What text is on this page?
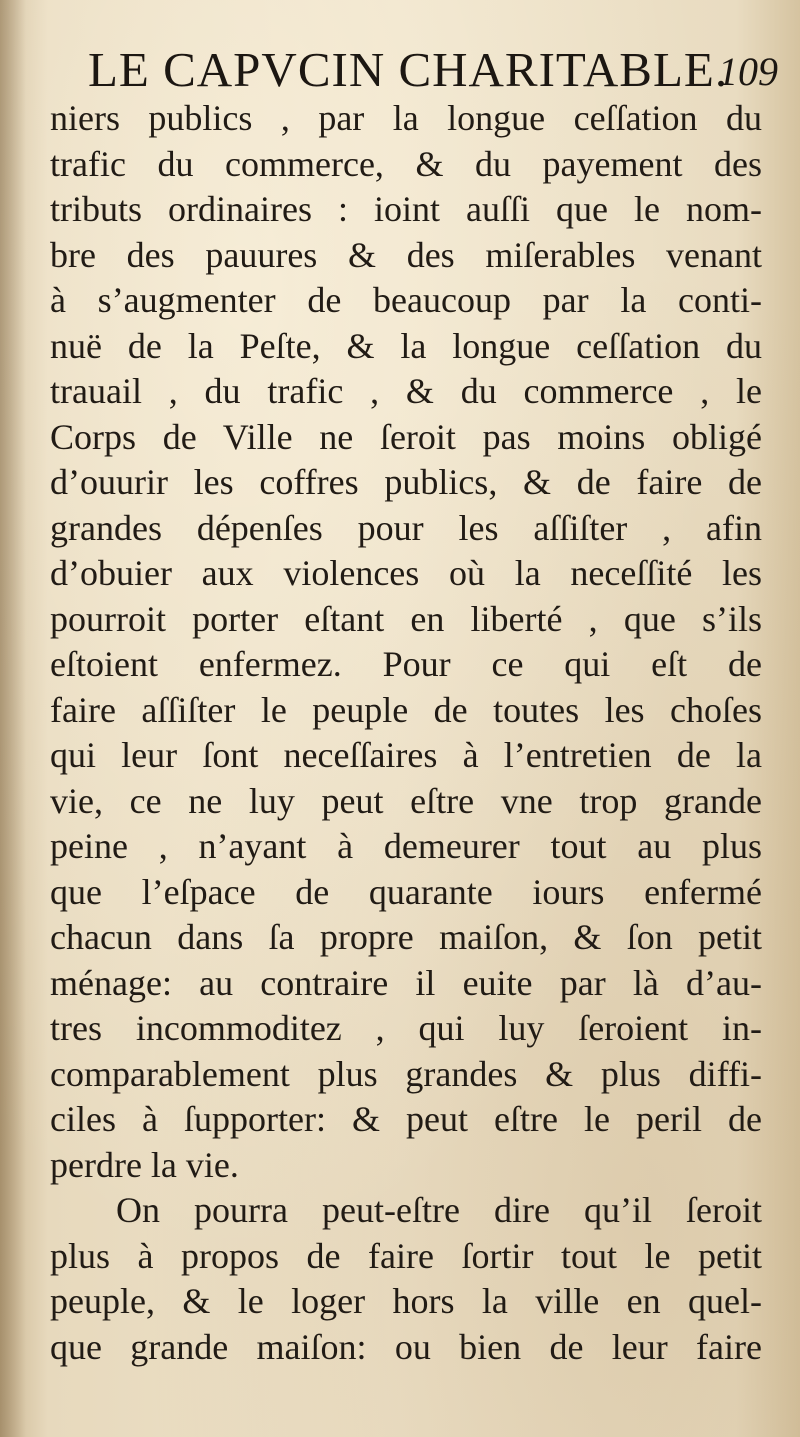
LE CAPVCIN CHARITABLE.
109
niers publics , par la longue ceſſation du
trafic du commerce, & du payement des
tributs ordinaires : ioint auſſi que le nom-
bre des pauures & des miſerables venant
à s’augmenter de beaucoup par la conti-
nuë de la Peſte, & la longue ceſſation du
trauail , du trafic , & du commerce , le
Corps de Ville ne ſeroit pas moins obligé
d’ouurir les coffres publics, & de faire de
grandes dépenſes pour les aſſiſter , afin
d’obuier aux violences où la neceſſité les
pourroit porter eſtant en liberté , que s’ils
eſtoient enfermez. Pour ce qui eſt de
faire aſſiſter le peuple de toutes les choſes
qui leur ſont neceſſaires à l’entretien de la
vie, ce ne luy peut eſtre vne trop grande
peine , n’ayant à demeurer tout au plus
que l’eſpace de quarante iours enfermé
chacun dans ſa propre maiſon, & ſon petit
ménage: au contraire il euite par là d’au-
tres incommoditez , qui luy ſeroient in-
comparablement plus grandes & plus diffi-
ciles à ſupporter: & peut eſtre le peril de
perdre la vie.
On pourra peut-eſtre dire qu’il ſeroit
plus à propos de faire ſortir tout le petit
peuple, & le loger hors la ville en quel-
que grande maiſon: ou bien de leur faire
